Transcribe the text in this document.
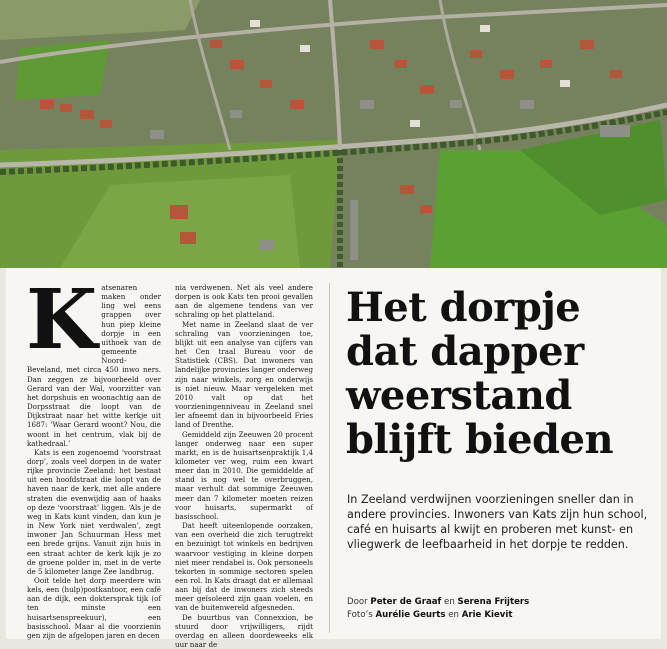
K atsenaren maken onder ling wel eens grappen over hun piep kleine dorpje in een uithoek van de gemeente Noord-Beveland, met circa 450 inwo ners. Dan zeggen ze bijvoorbeeld over Gerard van der Wal, voorzitter van het dorpshuis en woonachtig aan de Dorpsstraat die loopt van de Dijkstraat naar het witte kerkje uit 1687: ‘Waar Gerard woont? Nou, die woont in het centrum, vlak bij de kathedraal.’

Kats is een zogenoemd ‘voorstraat dorp’, zoals veel dorpen in de water rijke provincie Zeeland: het bestaat uit een hoofdstraat die loopt van de haven naar de kerk, met alle andere straten die evenwijdig aan of haaks op deze ‘voorstraat’ liggen. ‘Als je de weg in Kats kunt vinden, dan kun je in New York niet verdwalen’, zegt inwoner Jan Schuurman Hess met een brede grijns. Vanuit zijn huis in een straat achter de kerk kijk je zo de groene polder in, met in de verte de 5 kilometer lange Zee landbrug.

Ooit telde het dorp meerdere win kels, een (hulp)postkantoor, een café aan de dijk, een doktersprak tijk (of ten minste een huisartsenspreekuur), een basisschool. Maar al die voorzienin gen zijn de afgelopen jaren en decen

nia verdwenen. Net als veel andere dorpen is ook Kats ten prooi gevallen aan de algemene tendens van ver schraling op het platteland.

Met name in Zeeland slaat de ver schraling van voorzieningen toe, blijkt uit een analyse van cijfers van het Cen traal Bureau voor de Statistiek (CBS). Dat inwoners van landelijke provincies langer onderweg zijn naar winkels, zorg en onderwijs is niet nieuw. Maar vergeleken met 2010 valt op dat het voorzieningenniveau in Zeeland snel ler afneemt dan in bijvoorbeeld Fries land of Drenthe.

Gemiddeld zijn Zeeuwen 20 procent langer onderweg naar een super markt, en is de huisartsenpraktijk 1,4 kilometer ver weg, ruim een kwart meer dan in 2010. Die gemiddelde af stand is nog wel te overbruggen, maar verhult dat sommige Zeeuwen meer dan 7 kilometer moeten reizen voor huisarts, supermarkt of basisschool.

Dat heeft uiteenlopende oorzaken, van een overheid die zich terugtrekt en bezuinigt tot winkels en bedrijven waarvoor vestiging in kleine dorpen niet meer rendabel is. Ook personeels tekorten in sommige sectoren spelen een rol. In Kats draagt dat er allemaal aan bij dat de inwoners zich steeds meer geïsoleerd zijn gaan voelen, en van de buitenwereld afgesneden.

De buurtbus van Connexxion, be stuurd door vrijwilligers, rijdt overdag en alleen doordeweeks elk uur naar de

Het dorpje
dat dapper
weerstand
blijft bieden
In Zeeland verdwijnen voorzieningen sneller dan in andere provincies. Inwoners van Kats zijn hun school, café en huisarts al kwijt en proberen met kunst- en vliegwerk de leefbaarheid in het dorpje te redden.
Door Peter de Graaf en Serena Frijters
Foto’s Aurélie Geurts en Arie Kievit
